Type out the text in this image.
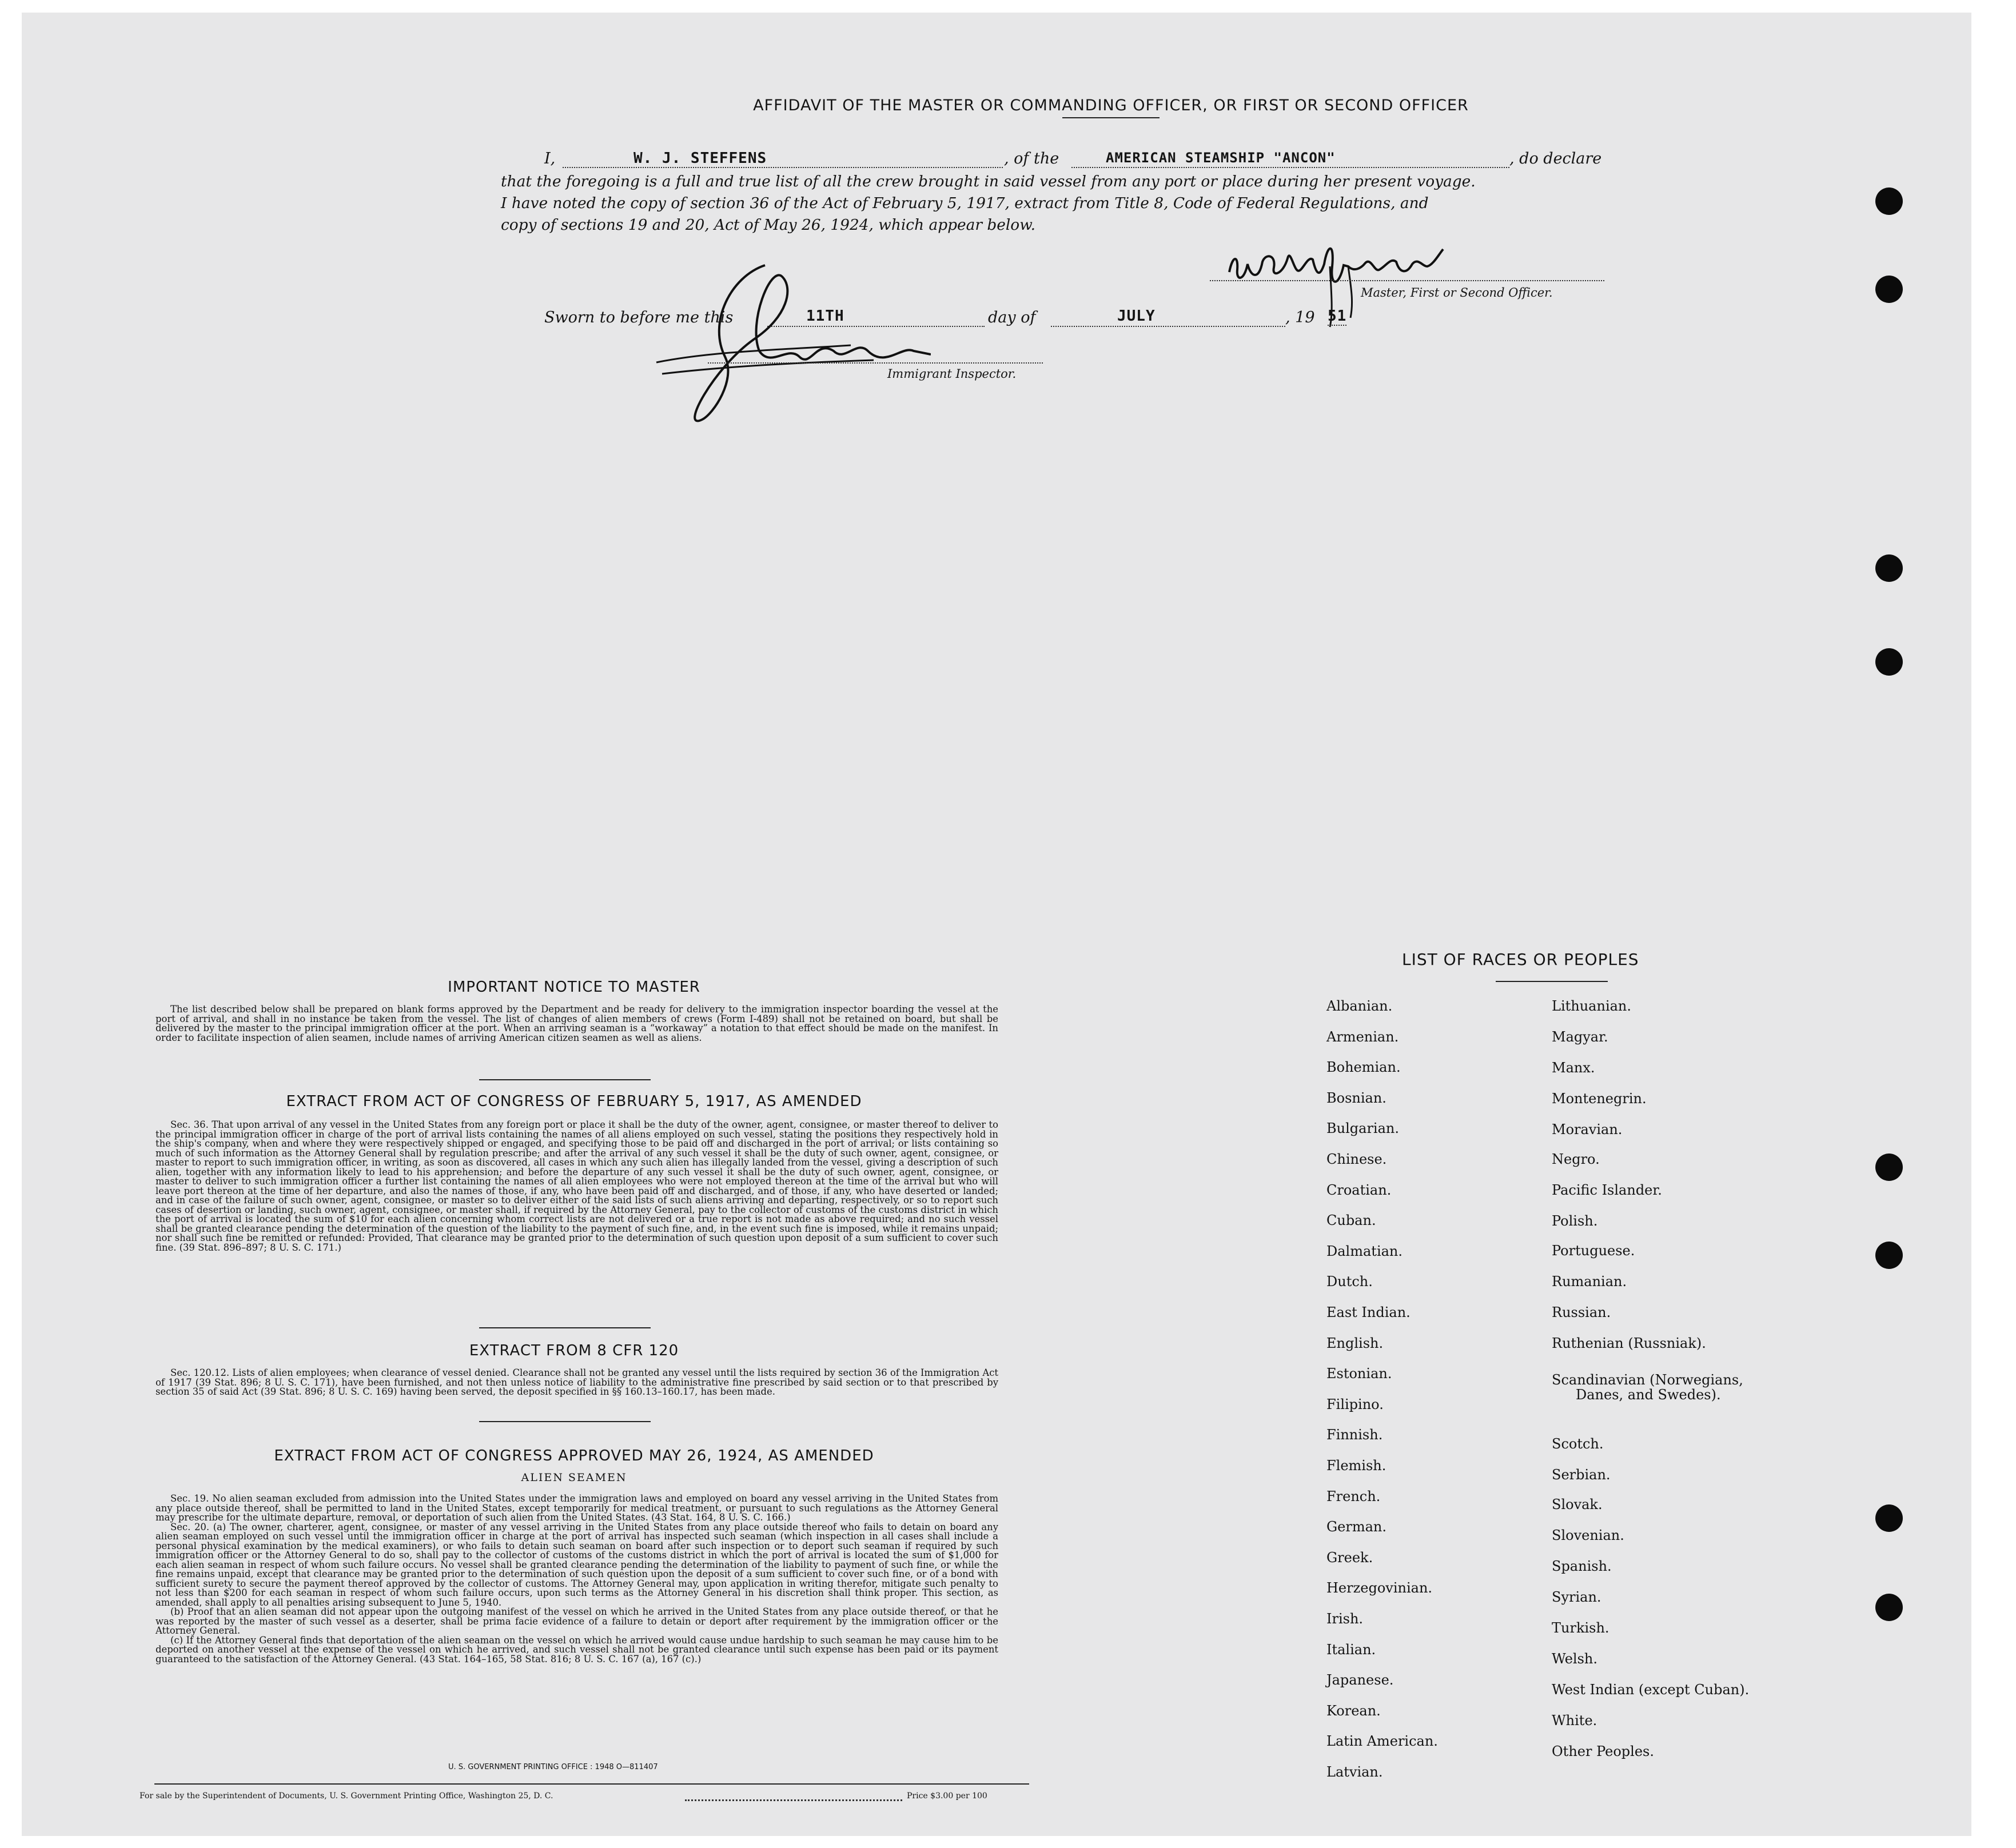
AFFIDAVIT OF THE MASTER OR COMMANDING OFFICER, OR FIRST OR SECOND OFFICER
I,	W. J. STEFFENS	, of the	AMERICAN STEAMSHIP "ANCON"	, do declare
that the foregoing is a full and true list of all the crew brought in said vessel from any port or place during her present voyage.
I have noted the copy of section 36 of the Act of February 5, 1917, extract from Title 8, Code of Federal Regulations, and
copy of sections 19 and 20, Act of May 26, 1924, which appear below.
Master, First or Second Officer.
Sworn to before me this	11TH	day of	JULY	, 19 51
Immigrant Inspector.
IMPORTANT NOTICE TO MASTER

The list described below shall be prepared on blank forms approved by the Department and be ready for delivery to the immigration inspector boarding the vessel at the port of arrival, and shall in no instance be taken from the vessel. The list of changes of alien members of crews (Form I-489) shall not be retained on board, but shall be delivered by the master to the principal immigration officer at the port. When an arriving seaman is a “workaway” a notation to that effect should be made on the manifest. In order to facilitate inspection of alien seamen, include names of arriving American citizen seamen as well as aliens.

EXTRACT FROM ACT OF CONGRESS OF FEBRUARY 5, 1917, AS AMENDED

Sec. 36. That upon arrival of any vessel in the United States from any foreign port or place it shall be the duty of the owner, agent, consignee, or master thereof to deliver to the principal immigration officer in charge of the port of arrival lists containing the names of all aliens employed on such vessel, stating the positions they respectively hold in the ship's company, when and where they were respectively shipped or engaged, and specifying those to be paid off and discharged in the port of arrival; or lists containing so much of such information as the Attorney General shall by regulation prescribe; and after the arrival of any such vessel it shall be the duty of such owner, agent, consignee, or master to report to such immigration officer, in writing, as soon as discovered, all cases in which any such alien has illegally landed from the vessel, giving a description of such alien, together with any information likely to lead to his apprehension; and before the departure of any such vessel it shall be the duty of such owner, agent, consignee, or master to deliver to such immigration officer a further list containing the names of all alien employees who were not employed thereon at the time of the arrival but who will leave port thereon at the time of her departure, and also the names of those, if any, who have been paid off and discharged, and of those, if any, who have deserted or landed; and in case of the failure of such owner, agent, consignee, or master so to deliver either of the said lists of such aliens arriving and departing, respectively, or so to report such cases of desertion or landing, such owner, agent, consignee, or master shall, if required by the Attorney General, pay to the collector of customs of the customs district in which the port of arrival is located the sum of $10 for each alien concerning whom correct lists are not delivered or a true report is not made as above required; and no such vessel shall be granted clearance pending the determination of the question of the liability to the payment of such fine, and, in the event such fine is imposed, while it remains unpaid; nor shall such fine be remitted or refunded: Provided, That clearance may be granted prior to the determination of such question upon deposit of a sum sufficient to cover such fine. (39 Stat. 896–897; 8 U. S. C. 171.)

EXTRACT FROM 8 CFR 120

Sec. 120.12. Lists of alien employees; when clearance of vessel denied. Clearance shall not be granted any vessel until the lists required by section 36 of the Immigration Act of 1917 (39 Stat. 896; 8 U. S. C. 171), have been furnished, and not then unless notice of liability to the administrative fine prescribed by said section or to that prescribed by section 35 of said Act (39 Stat. 896; 8 U. S. C. 169) having been served, the deposit specified in §§ 160.13–160.17, has been made.

EXTRACT FROM ACT OF CONGRESS APPROVED MAY 26, 1924, AS AMENDED
ALIEN SEAMEN

Sec. 19. No alien seaman excluded from admission into the United States under the immigration laws and employed on board any vessel arriving in the United States from any place outside thereof, shall be permitted to land in the United States, except temporarily for medical treatment, or pursuant to such regulations as the Attorney General may prescribe for the ultimate departure, removal, or deportation of such alien from the United States. (43 Stat. 164, 8 U. S. C. 166.)

Sec. 20. (a) The owner, charterer, agent, consignee, or master of any vessel arriving in the United States from any place outside thereof who fails to detain on board any alien seaman employed on such vessel until the immigration officer in charge at the port of arrival has inspected such seaman (which inspection in all cases shall include a personal physical examination by the medical examiners), or who fails to detain such seaman on board after such inspection or to deport such seaman if required by such immigration officer or the Attorney General to do so, shall pay to the collector of customs of the customs district in which the port of arrival is located the sum of $1,000 for each alien seaman in respect of whom such failure occurs. No vessel shall be granted clearance pending the determination of the liability to payment of such fine, or while the fine remains unpaid, except that clearance may be granted prior to the determination of such question upon the deposit of a sum sufficient to cover such fine, or of a bond with sufficient surety to secure the payment thereof approved by the collector of customs. The Attorney General may, upon application in writing therefor, mitigate such penalty to not less than $200 for each seaman in respect of whom such failure occurs, upon such terms as the Attorney General in his discretion shall think proper. This section, as amended, shall apply to all penalties arising subsequent to June 5, 1940.

(b) Proof that an alien seaman did not appear upon the outgoing manifest of the vessel on which he arrived in the United States from any place outside thereof, or that he was reported by the master of such vessel as a deserter, shall be prima facie evidence of a failure to detain or deport after requirement by the immigration officer or the Attorney General.

(c) If the Attorney General finds that deportation of the alien seaman on the vessel on which he arrived would cause undue hardship to such seaman he may cause him to be deported on another vessel at the expense of the vessel on which he arrived, and such vessel shall not be granted clearance until such expense has been paid or its payment guaranteed to the satisfaction of the Attorney General. (43 Stat. 164–165, 58 Stat. 816; 8 U. S. C. 167 (a), 167 (c).)

U. S. GOVERNMENT PRINTING OFFICE : 1948 O—811407
For sale by the Superintendent of Documents, U. S. Government Printing Office, Washington 25, D. C.	Price $3.00 per 100
LIST OF RACES OR PEOPLES
Albanian.
Armenian.
Bohemian.
Bosnian.
Bulgarian.
Chinese.
Croatian.
Cuban.
Dalmatian.
Dutch.
East Indian.
English.
Estonian.
Filipino.
Finnish.
Flemish.
French.
German.
Greek.
Herzegovinian.
Irish.
Italian.
Japanese.
Korean.
Latin American.
Latvian.
Lithuanian.
Magyar.
Manx.
Montenegrin.
Moravian.
Negro.
Pacific Islander.
Polish.
Portuguese.
Rumanian.
Russian.
Ruthenian (Russniak).
Scandinavian (Norwegians,
Danes, and Swedes).
Scotch.
Serbian.
Slovak.
Slovenian.
Spanish.
Syrian.
Turkish.
Welsh.
West Indian (except Cuban).
White.
Other Peoples.
